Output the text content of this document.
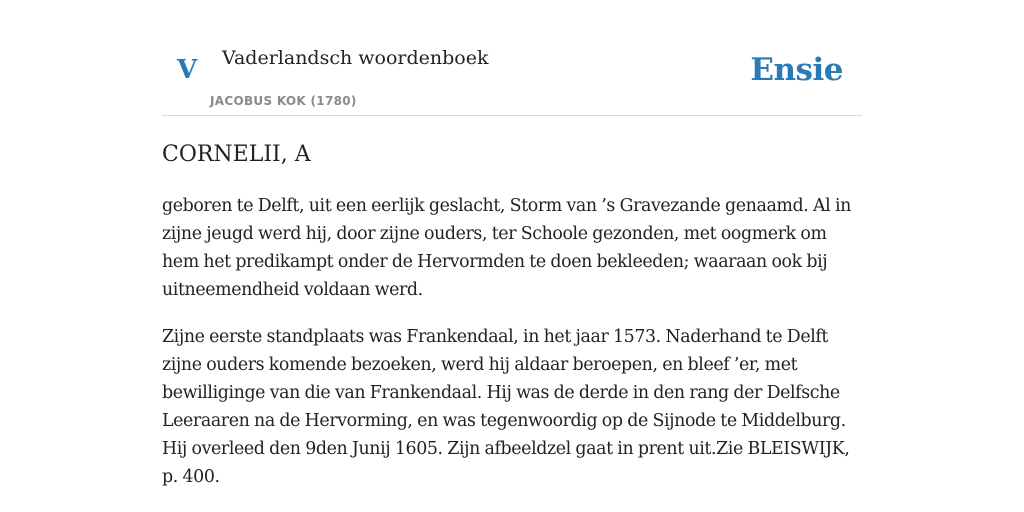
V Vaderlandsch woordenboek
JACOBUS KOK (1780)
Ensie
CORNELII, A

geboren te Delft, uit een eerlijk geslacht, Storm van ’s Gravezande genaamd. Al in zijne jeugd werd hij, door zijne ouders, ter Schoole gezonden, met oogmerk om hem het predikampt onder de Hervormden te doen bekleeden; waaraan ook bij uitneemendheid voldaan werd.

Zijne eerste standplaats was Frankendaal, in het jaar 1573. Naderhand te Delft zijne ouders komende bezoeken, werd hij aldaar beroepen, en bleef ’er, met bewilliginge van die van Frankendaal. Hij was de derde in den rang der Delfsche Leeraaren na de Hervorming, en was tegenwoordig op de Sijnode te Middelburg. Hij overleed den 9den Junij 1605. Zijn afbeeldzel gaat in prent uit.Zie BLEISWIJK, p. 400.
